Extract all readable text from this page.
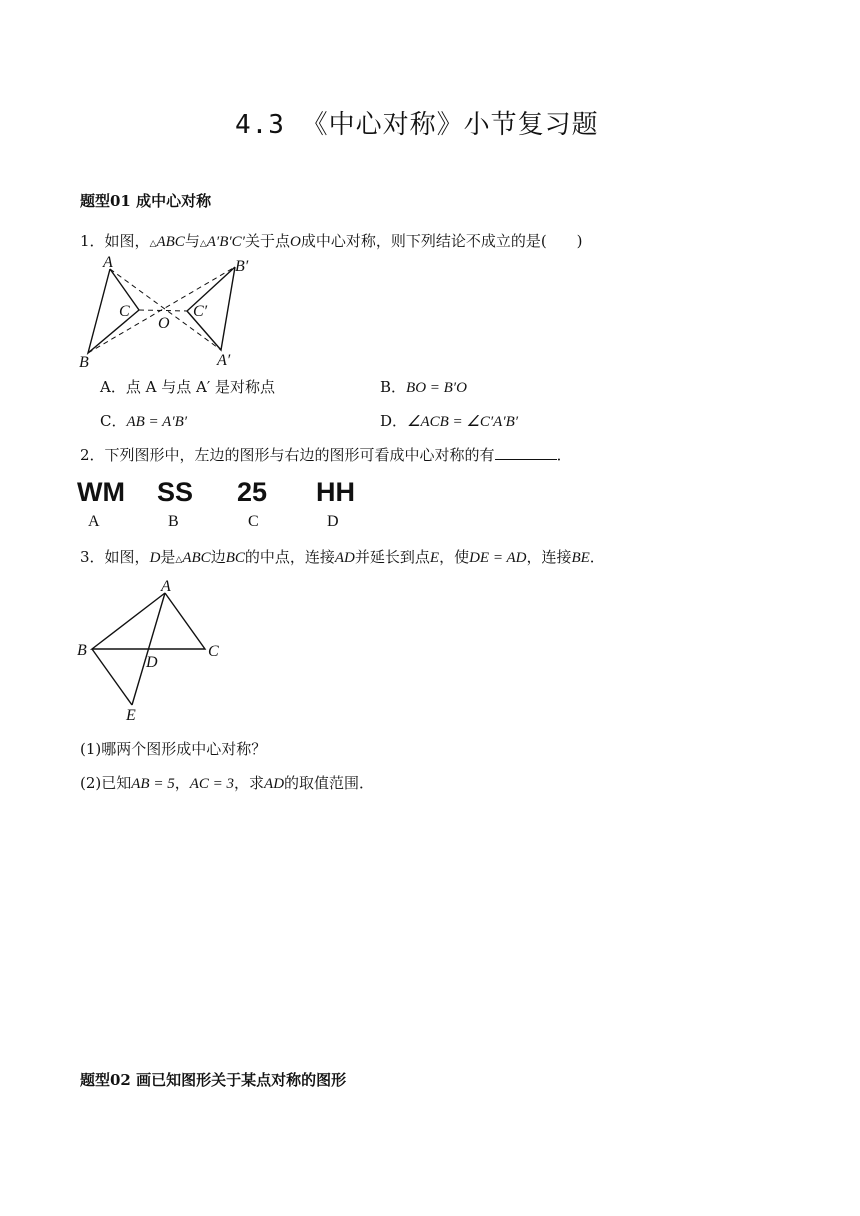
4.3 《中心对称》小节复习题
题型01 成中心对称
1．如图，△ABC与△A′B′C′关于点O成中心对称，则下列结论不成立的是(　　)
A
B
C
O
C′
B′
A′
A．点 A 与点 A′ 是对称点	B．BO = B′O
C．AB = A′B′	D．∠ACB = ∠C′A′B′
2．下列图形中，左边的图形与右边的图形可看成中心对称的有	．
WM SS 25 HH
A	B	C	D
3．如图，D是△ABC边BC的中点，连接AD并延长到点E，使DE = AD，连接BE．
A
B	C
D
E
(1)哪两个图形成中心对称？
(2)已知AB = 5，AC = 3，求AD的取值范围．
题型02 画已知图形关于某点对称的图形
